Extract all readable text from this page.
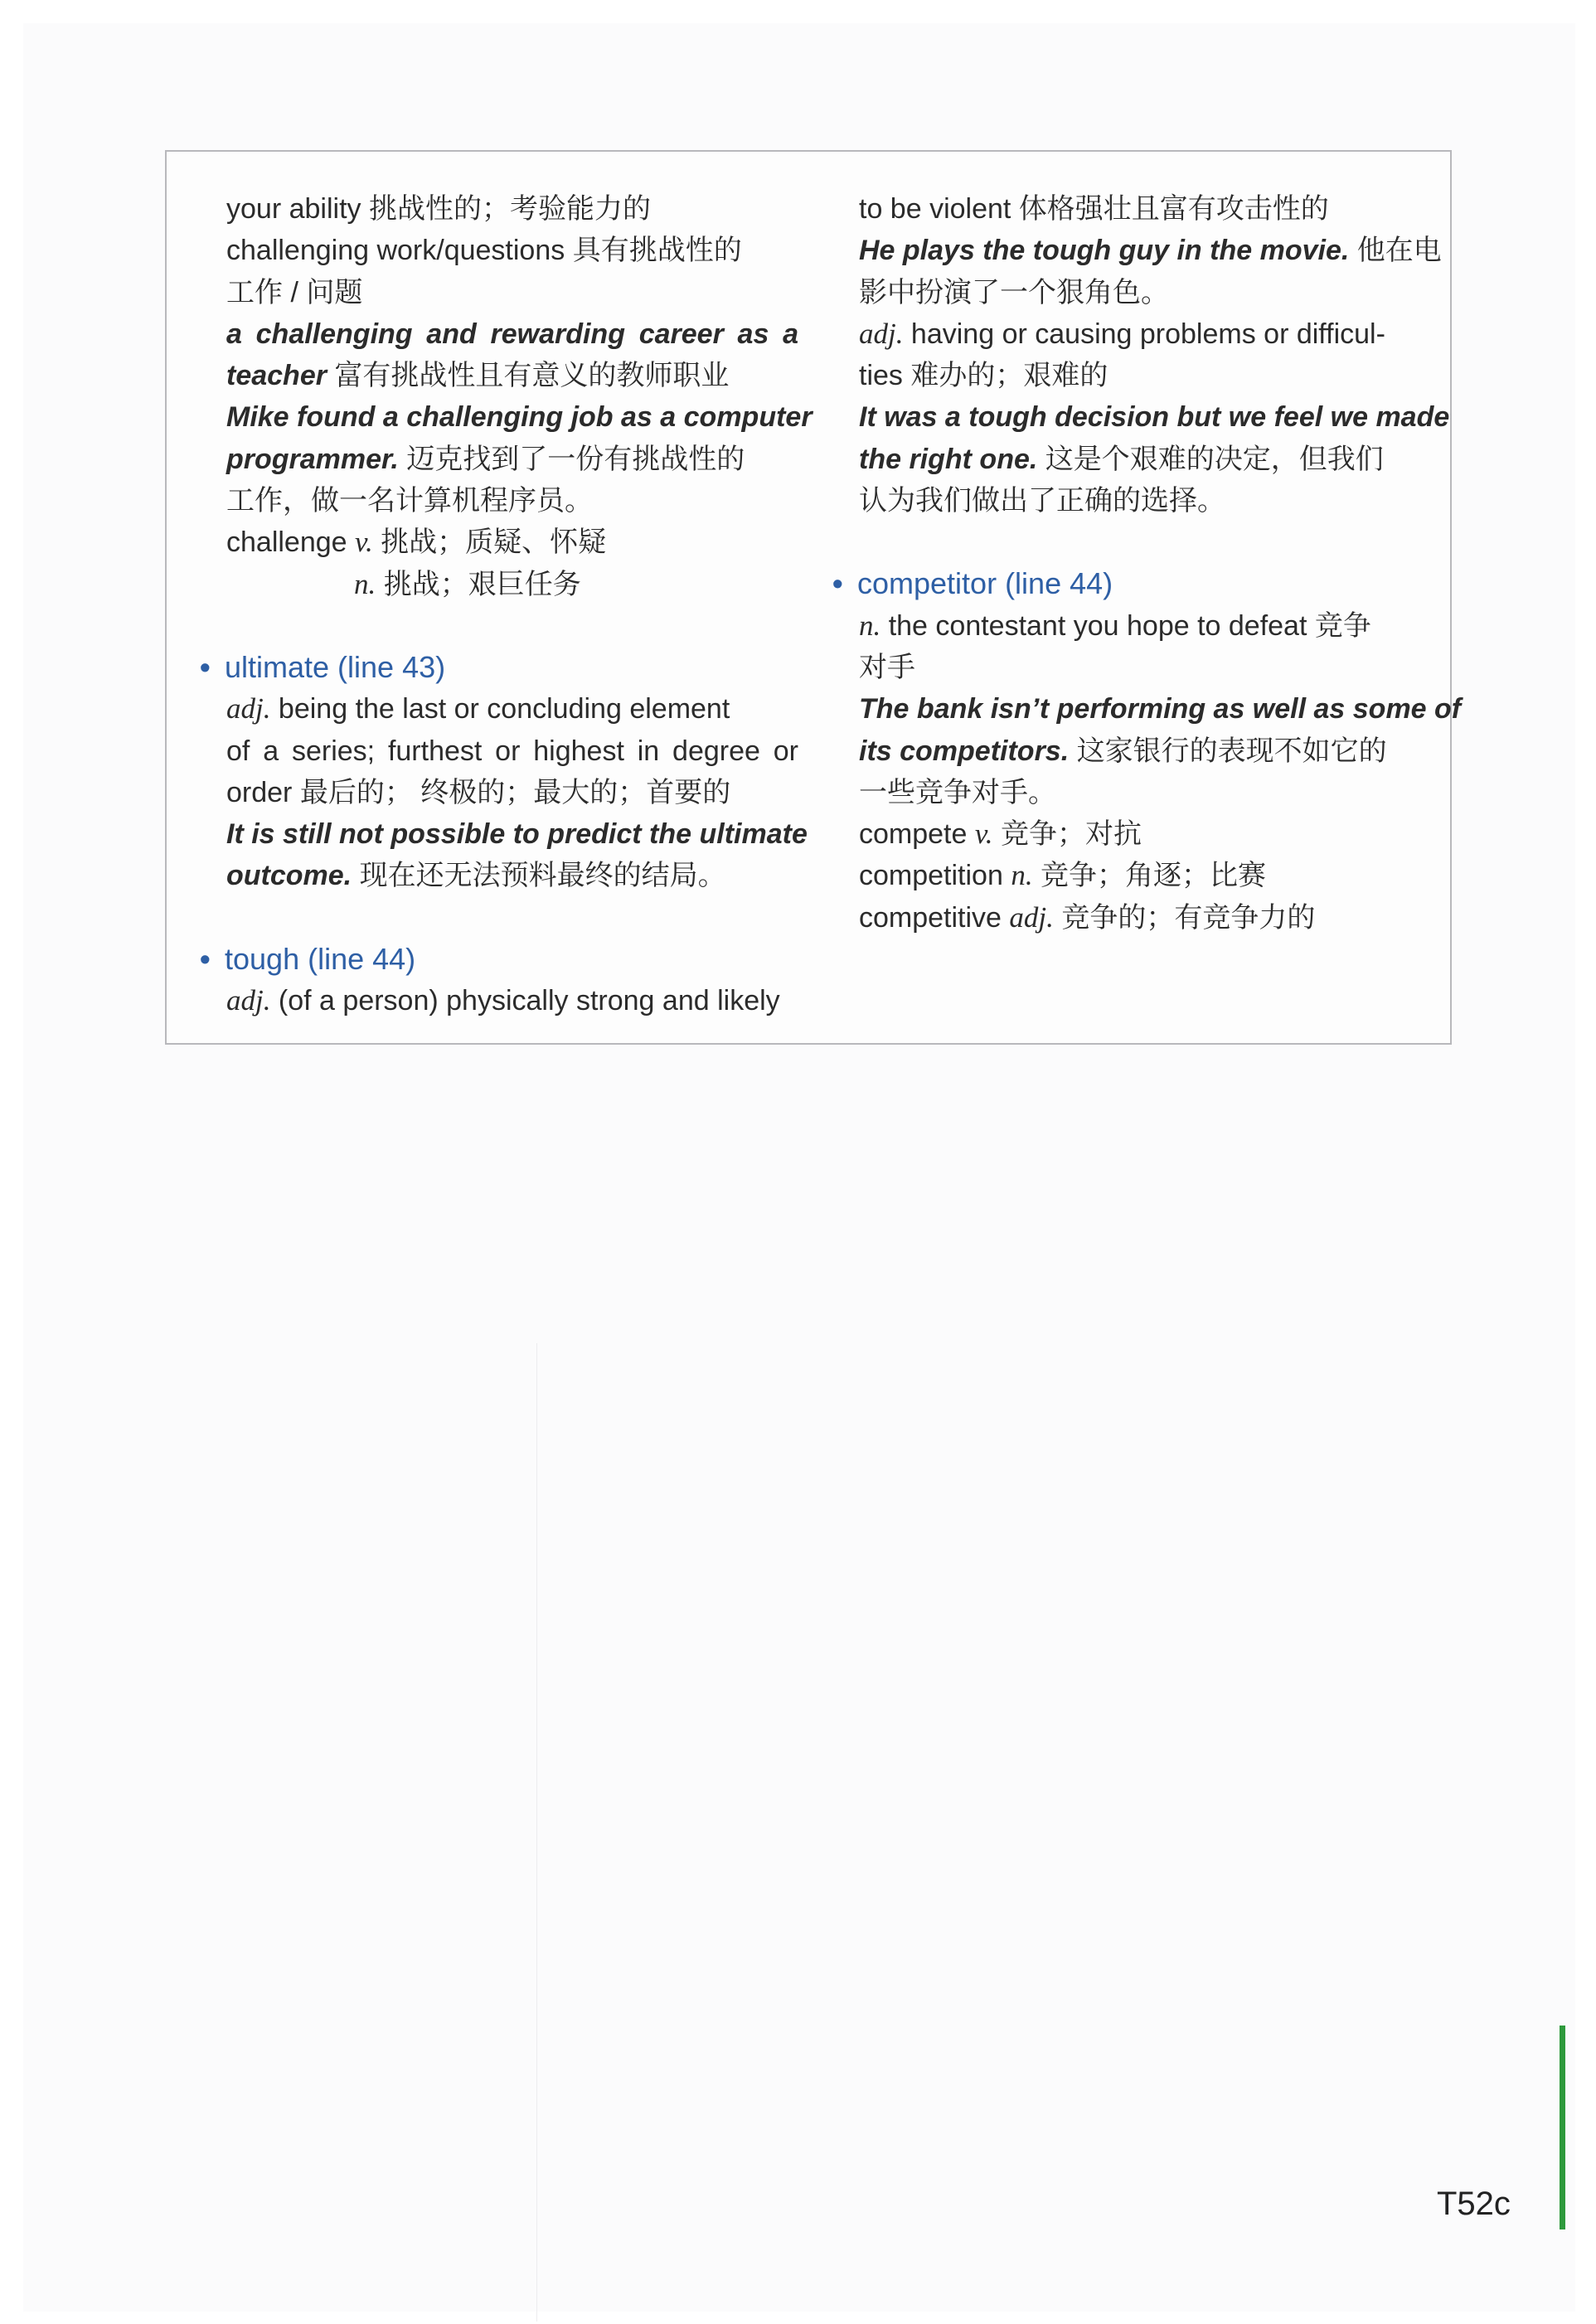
your ability 挑战性的；考验能力的
challenging work/questions 具有挑战性的
工作 / 问题
a challenging and rewarding career as a
teacher 富有挑战性且有意义的教师职业
Mike found a challenging job as a computer
programmer. 迈克找到了一份有挑战性的
工作，做一名计算机程序员。
challenge v. 挑战；质疑、怀疑
n. 挑战；艰巨任务
• ultimate (line 43)
adj. being the last or concluding element
of a series; furthest or highest in degree or
order 最后的； 终极的；最大的；首要的
It is still not possible to predict the ultimate
outcome. 现在还无法预料最终的结局。
• tough (line 44)
adj. (of a person) physically strong and likely
to be violent 体格强壮且富有攻击性的
He plays the tough guy in the movie. 他在电
影中扮演了一个狠角色。
adj. having or causing problems or difficul-
ties 难办的；艰难的
It was a tough decision but we feel we made
the right one. 这是个艰难的决定，但我们
认为我们做出了正确的选择。
• competitor (line 44)
n. the contestant you hope to defeat 竞争
对手
The bank isn’t performing as well as some of
its competitors. 这家银行的表现不如它的
一些竞争对手。
compete v. 竞争；对抗
competition n. 竞争；角逐；比赛
competitive adj. 竞争的；有竞争力的
T52c
